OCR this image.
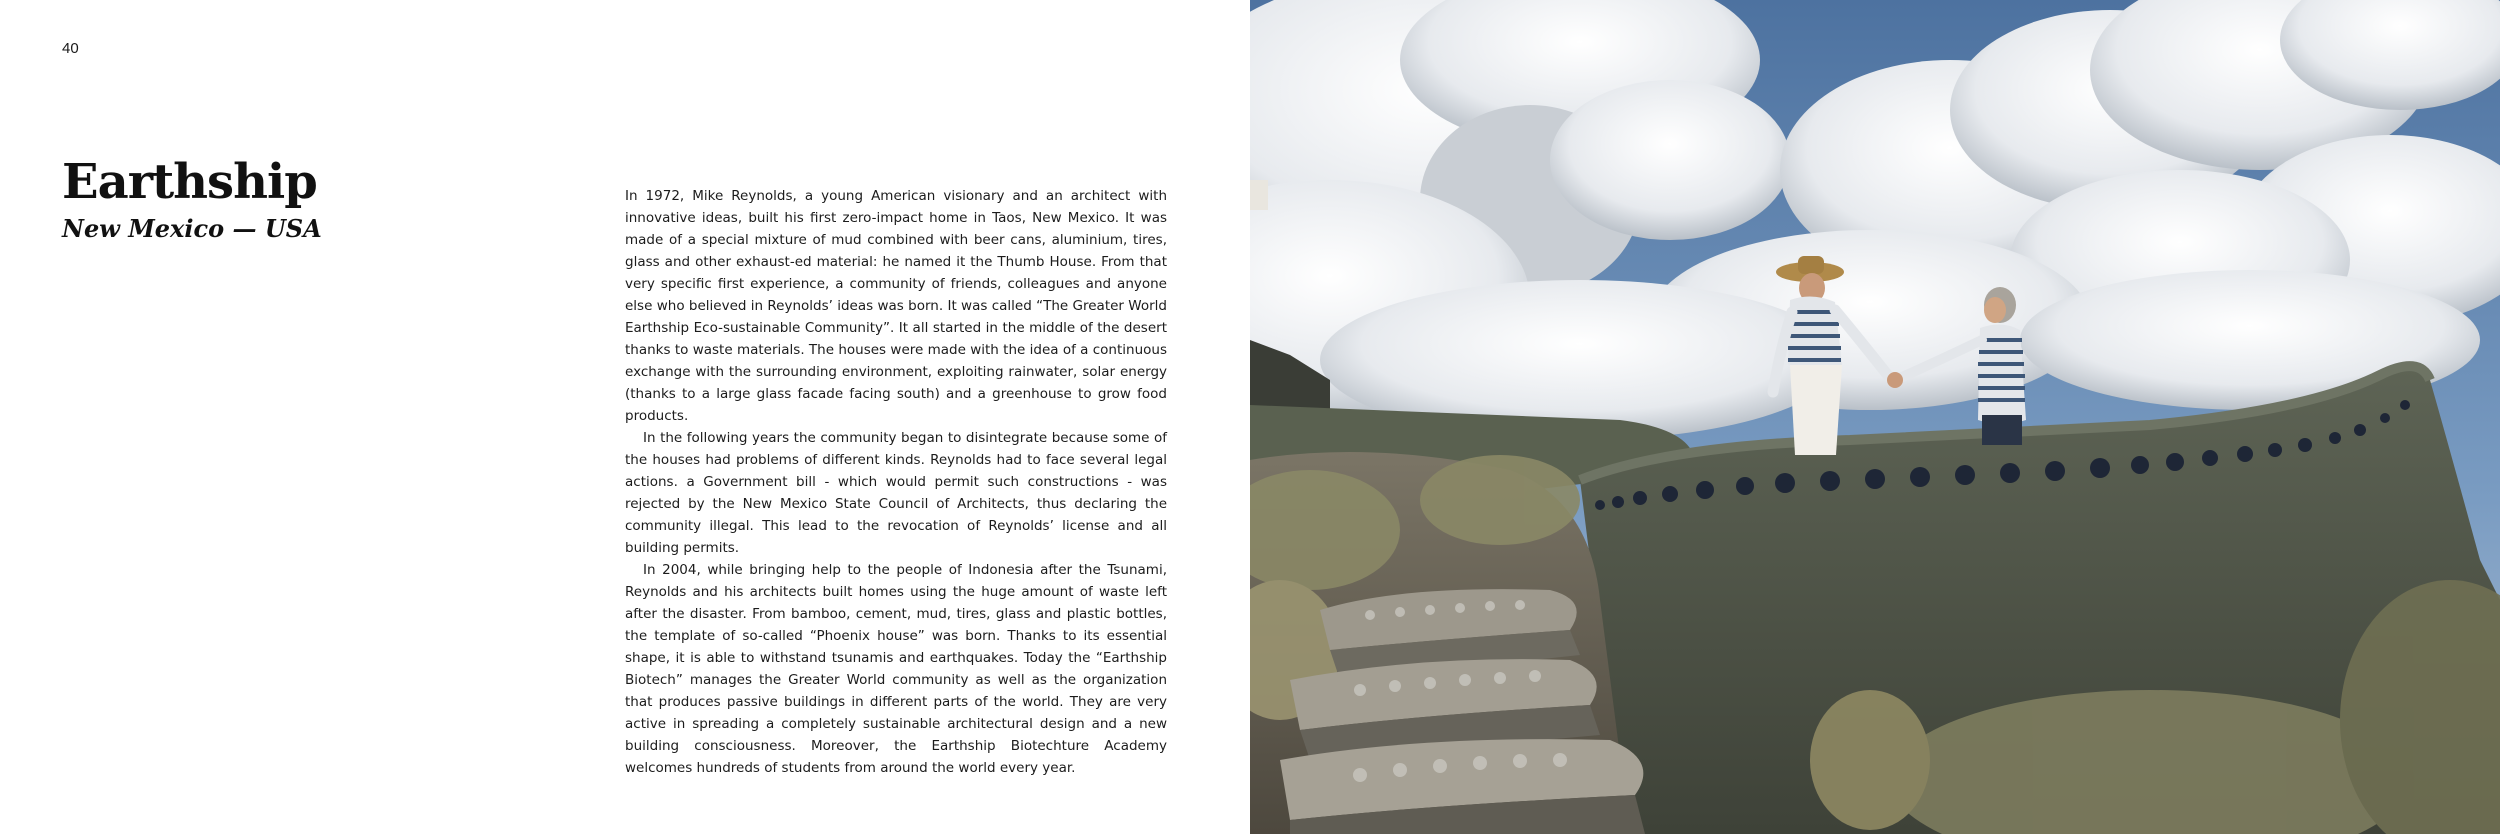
40
Earthship
New Mexico — USA

In 1972, Mike Reynolds, a young American visionary and an architect with innovative ideas, built his first zero-impact home in Taos, New Mexico. It was made of a special mixture of mud combined with beer cans, aluminium, tires, glass and other exhaust-ed material: he named it the Thumb House. From that very specific first experience, a community of friends, colleagues and anyone else who believed in Reynolds’ ideas was born. It was called “The Greater World Earthship Eco-sustainable Community”. It all started in the middle of the desert thanks to waste materials. The houses were made with the idea of a continuous exchange with the surrounding environment, exploiting rainwater, solar energy (thanks to a large glass facade facing south) and a greenhouse to grow food products.

In the following years the community began to disintegrate because some of the houses had problems of different kinds. Reynolds had to face several legal actions. a Government bill - which would permit such constructions - was rejected by the New Mexico State Council of Architects, thus declaring the community illegal. This lead to the revocation of Reynolds’ license and all building permits.

In 2004, while bringing help to the people of Indonesia after the Tsunami, Reynolds and his architects built homes using the huge amount of waste left after the disaster. From bamboo, cement, mud, tires, glass and plastic bottles, the template of so-called “Phoenix house” was born. Thanks to its essential shape, it is able to withstand tsunamis and earthquakes. Today the “Earthship Biotech” manages the Greater World community as well as the organization that produces passive buildings in different parts of the world. They are very active in spreading a completely sustainable architectural design and a new building consciousness. Moreover, the Earthship Biotechture Academy welcomes hundreds of students from around the world every year.
